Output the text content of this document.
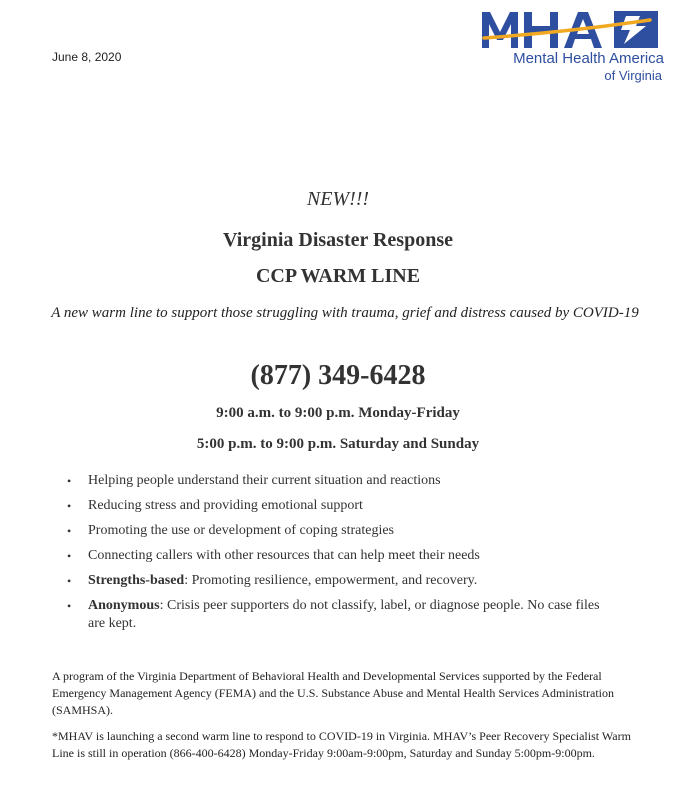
June 8, 2020	Mental Health America
of Virginia
NEW!!!
Virginia Disaster Response
CCP WARM LINE
A new warm line to support those struggling with trauma, grief and distress caused by COVID-19
(877) 349-6428
9:00 a.m. to 9:00 p.m. Monday-Friday
5:00 p.m. to 9:00 p.m. Saturday and Sunday
• Helping people understand their current situation and reactions
• Reducing stress and providing emotional support
• Promoting the use or development of coping strategies
• Connecting callers with other resources that can help meet their needs
• Strengths-based: Promoting resilience, empowerment, and recovery.
• Anonymous: Crisis peer supporters do not classify, label, or diagnose people. No case files are kept.
A program of the Virginia Department of Behavioral Health and Developmental Services supported by the Federal Emergency Management Agency (FEMA) and the U.S. Substance Abuse and Mental Health Services Administration (SAMHSA).
*MHAV is launching a second warm line to respond to COVID-19 in Virginia. MHAV’s Peer Recovery Specialist Warm Line is still in operation (866-400-6428) Monday-Friday 9:00am-9:00pm, Saturday and Sunday 5:00pm-9:00pm.
